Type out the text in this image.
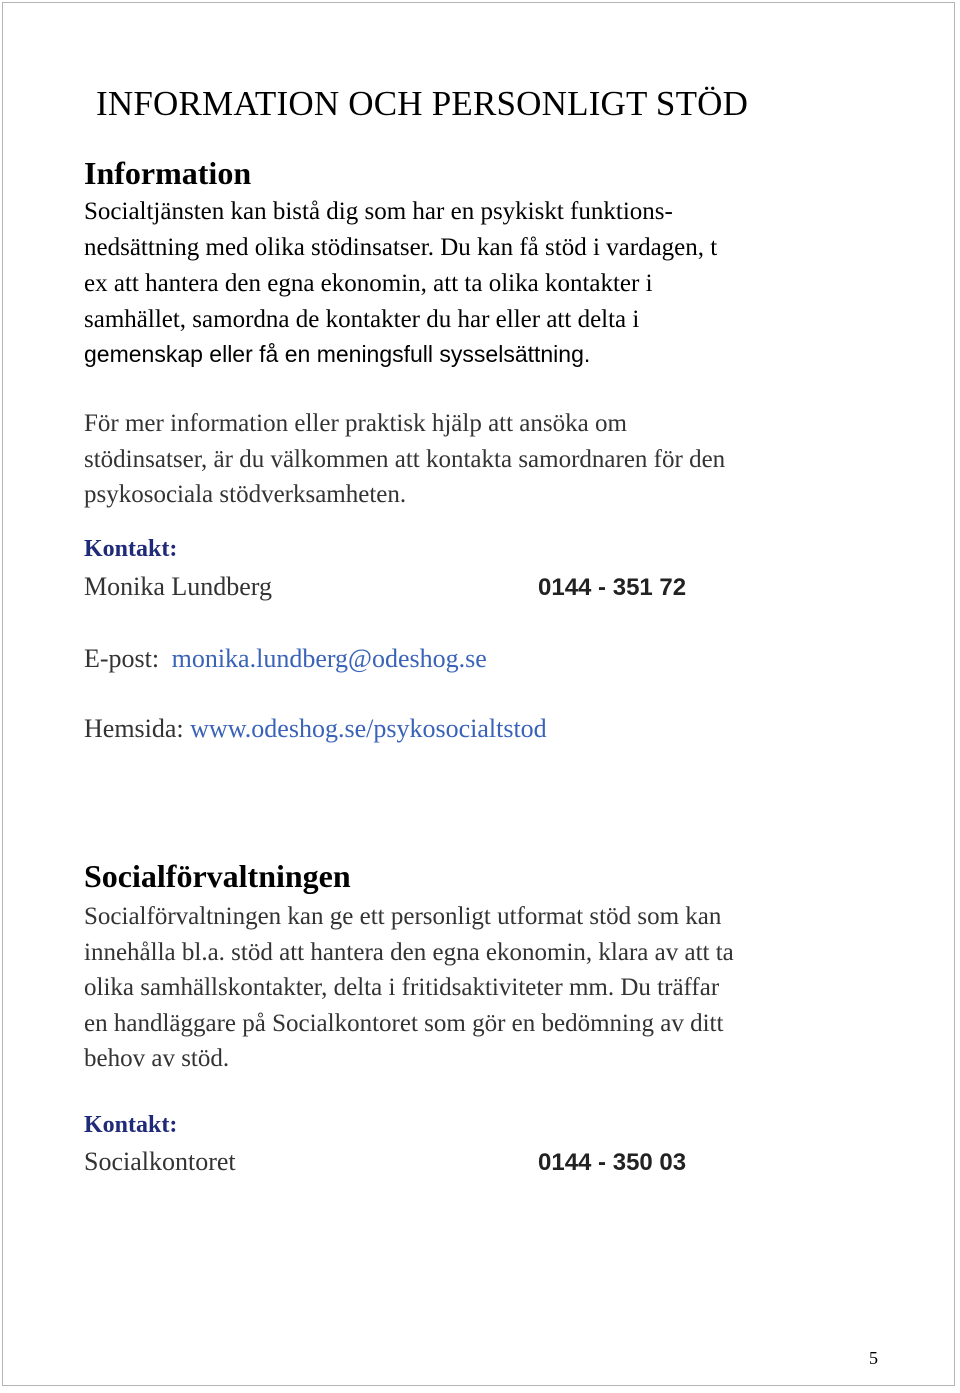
INFORMATION OCH PERSONLIGT STÖD
Information
Socialtjänsten kan bistå dig som har en psykiskt funktions-
nedsättning med olika stödinsatser. Du kan få stöd i vardagen, t
ex att hantera den egna ekonomin, att ta olika kontakter i
samhället, samordna de kontakter du har eller att delta i
gemenskap eller få en meningsfull sysselsättning.
För mer information eller praktisk hjälp att ansöka om
stödinsatser, är du välkommen att kontakta samordnaren för den
psykosociala stödverksamheten.
Kontakt:
Monika Lundberg	0144 - 351 72
E-post: monika.lundberg@odeshog.se
Hemsida: www.odeshog.se/psykosocialtstod
Socialförvaltningen
Socialförvaltningen kan ge ett personligt utformat stöd som kan
innehålla bl.a. stöd att hantera den egna ekonomin, klara av att ta
olika samhällskontakter, delta i fritidsaktiviteter mm. Du träffar
en handläggare på Socialkontoret som gör en bedömning av ditt
behov av stöd.
Kontakt:
Socialkontoret	0144 - 350 03
5
